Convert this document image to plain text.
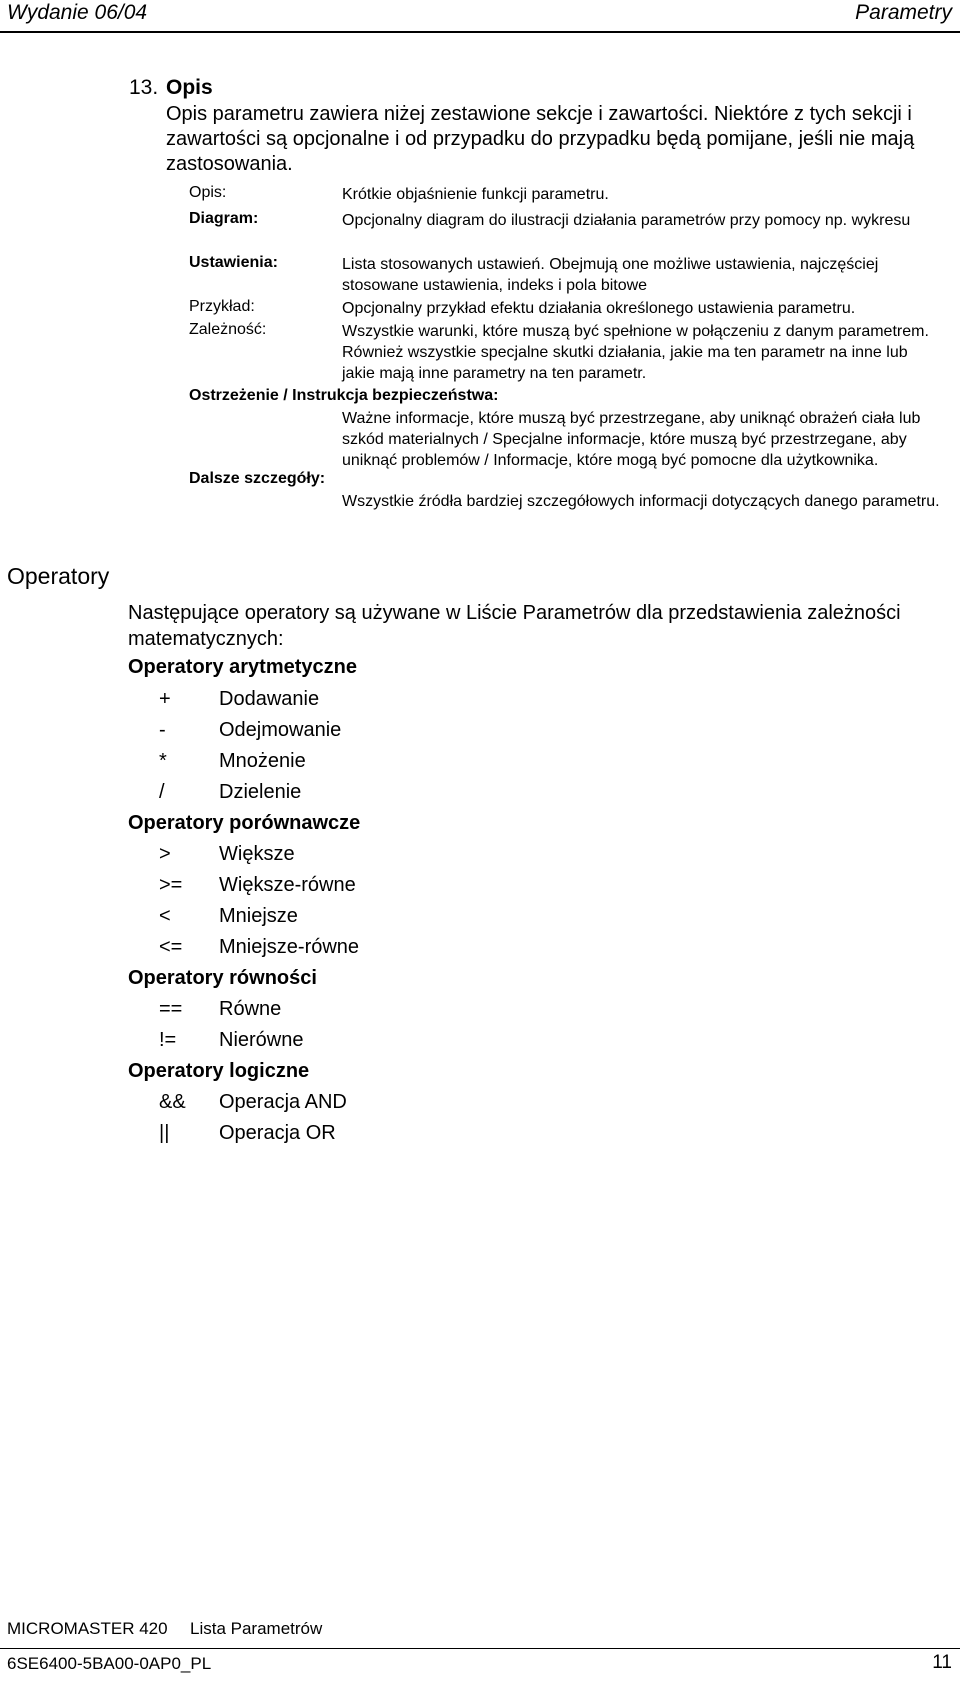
Wydanie 06/04	Parametry
13. Opis
Opis parametru zawiera niżej zestawione sekcje i zawartości. Niektóre z tych sekcji i zawartości są opcjonalne i od przypadku do przypadku będą pomijane, jeśli nie mają zastosowania.
Opis:	Krótkie objaśnienie funkcji parametru.
Diagram:	Opcjonalny diagram do ilustracji działania parametrów przy pomocy np. wykresu
Ustawienia:	Lista stosowanych ustawień. Obejmują one możliwe ustawienia, najczęściej stosowane ustawienia, indeks i pola bitowe
Przykład:	Opcjonalny przykład efektu działania określonego ustawienia parametru.
Zależność:	Wszystkie warunki, które muszą być spełnione w połączeniu z danym parametrem. Również wszystkie specjalne skutki działania, jakie ma ten parametr na inne lub jakie mają inne parametry na ten parametr.
Ostrzeżenie / Instrukcja bezpieczeństwa:
Ważne informacje, które muszą być przestrzegane, aby uniknąć obrażeń ciała lub szkód materialnych / Specjalne informacje, które muszą być przestrzegane, aby uniknąć problemów / Informacje, które mogą być pomocne dla użytkownika.
Dalsze szczegóły:
Wszystkie źródła bardziej szczegółowych informacji dotyczących danego parametru.
Operatory
Następujące operatory są używane w Liście Parametrów dla przedstawienia zależności matematycznych:
Operatory arytmetyczne
+ Dodawanie
-	Odejmowanie
*	Mnożenie
/	Dzielenie
Operatory porównawcze
> Większe
>= Większe-równe
< Mniejsze
<= Mniejsze-równe
Operatory równości
== Równe
!= Nierówne
Operatory logiczne
&& Operacja AND
|| Operacja OR
MICROMASTER 420 Lista Parametrów
6SE6400-5BA00-0AP0_PL	11
